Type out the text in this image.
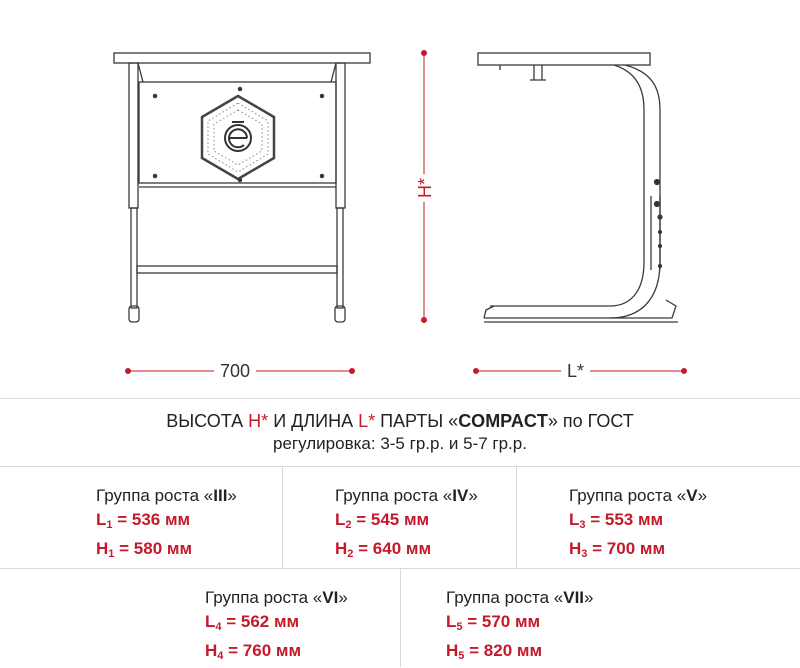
700	L*
H*
ВЫСОТА H* И ДЛИНА L* ПАРТЫ «COMPACT» по ГОСТ
регулировка: 3-5 гр.р. и 5-7 гр.р.
Группа роста «III»
$L_1 = 536$ мм
$H_1 = 580$ мм
Группа роста «IV»
$L_2 = 545$ мм
$H_2 = 640$ мм
Группа роста «V»
$L_3 = 553$ мм
$H_3 = 700$ мм
Группа роста «VI»
$L_4 = 562$ мм
$H_4 = 760$ мм
Группа роста «VII»
$L_5 = 570$ мм
$H_5 = 820$ мм
